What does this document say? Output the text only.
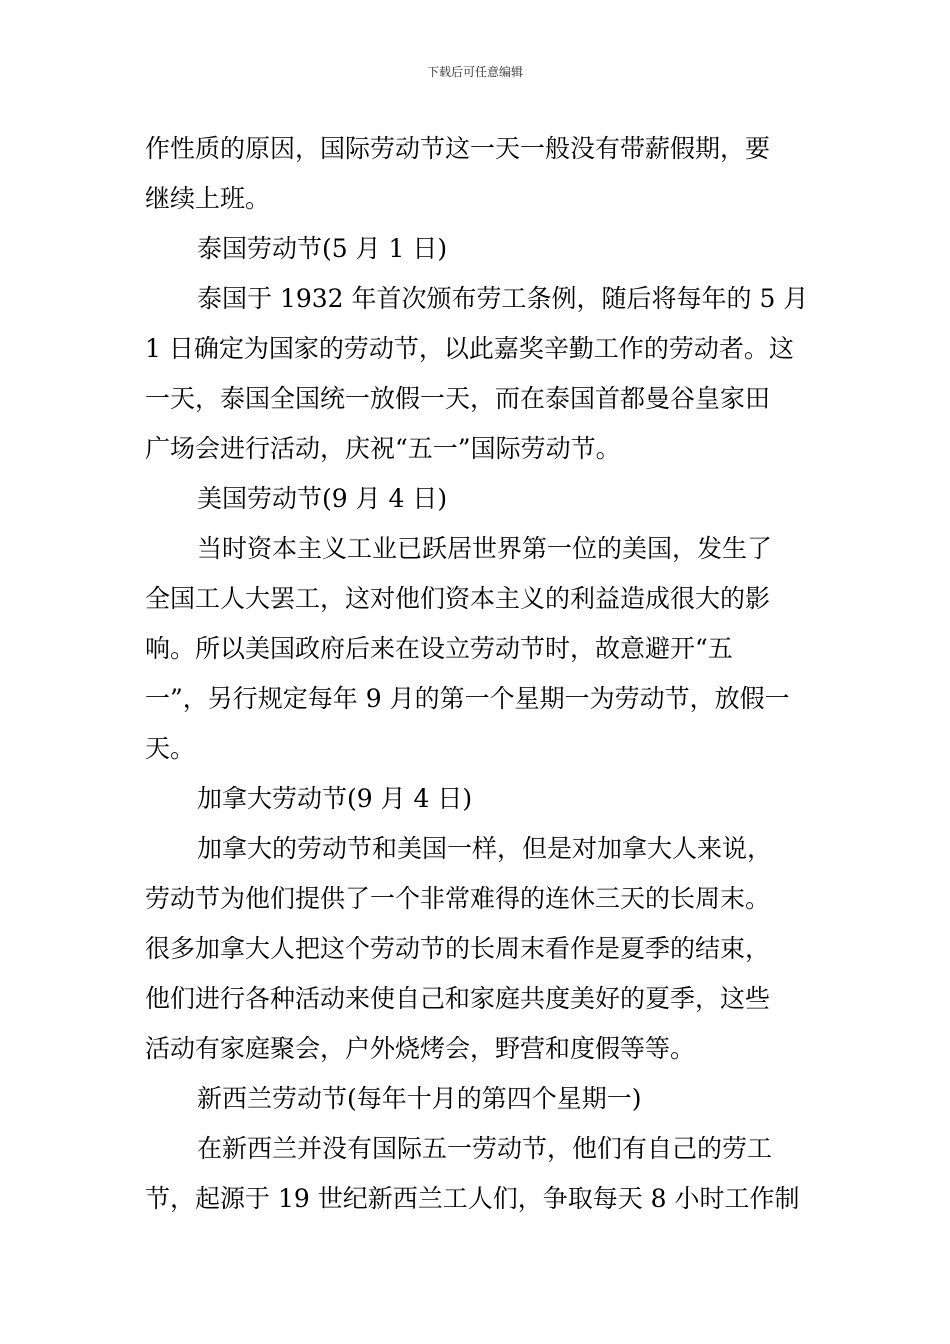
下载后可任意编辑
作性质的原因，国际劳动节这一天一般没有带薪假期，要
继续上班。
泰国劳动节(5 月 1 日)
泰国于 1932 年首次颁布劳工条例，随后将每年的 5 月
1 日确定为国家的劳动节，以此嘉奖辛勤工作的劳动者。这
一天，泰国全国统一放假一天，而在泰国首都曼谷皇家田
广场会进行活动，庆祝“五一”国际劳动节。
美国劳动节(9 月 4 日)
当时资本主义工业已跃居世界第一位的美国，发生了
全国工人大罢工，这对他们资本主义的利益造成很大的影
响。所以美国政府后来在设立劳动节时，故意避开“五
一”，另行规定每年 9 月的第一个星期一为劳动节，放假一
天。
加拿大劳动节(9 月 4 日)
加拿大的劳动节和美国一样，但是对加拿大人来说，
劳动节为他们提供了一个非常难得的连休三天的长周末。
很多加拿大人把这个劳动节的长周末看作是夏季的结束，
他们进行各种活动来使自己和家庭共度美好的夏季，这些
活动有家庭聚会，户外烧烤会，野营和度假等等。
新西兰劳动节(每年十月的第四个星期一)
在新西兰并没有国际五一劳动节，他们有自己的劳工
节，起源于 19 世纪新西兰工人们，争取每天 8 小时工作制
